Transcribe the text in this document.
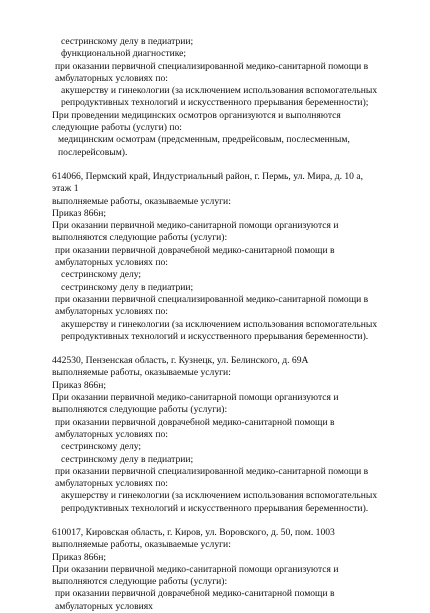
сестринскому делу в педиатрии;
функциональной диагностике;
при оказании первичной специализированной медико-санитарной помощи в амбулаторных условиях по:
акушерству и гинекологии (за исключением использования вспомогательных репродуктивных технологий и искусственного прерывания беременности);
При проведении медицинских осмотров организуются и выполняются следующие работы (услуги) по:
медицинским осмотрам (предсменным, предрейсовым, послесменным, послерейсовым).
614066, Пермский край, Индустриальный район, г. Пермь, ул. Мира, д. 10 а, этаж 1
выполняемые работы, оказываемые услуги:
Приказ 866н;
При оказании первичной медико-санитарной помощи организуются и выполняются следующие работы (услуги):
при оказании первичной доврачебной медико-санитарной помощи в амбулаторных условиях по:
сестринскому делу;
сестринскому делу в педиатрии;
при оказании первичной специализированной медико-санитарной помощи в амбулаторных условиях по:
акушерству и гинекологии (за исключением использования вспомогательных репродуктивных технологий и искусственного прерывания беременности).
442530, Пензенская область, г. Кузнецк, ул. Белинского, д. 69А
выполняемые работы, оказываемые услуги:
Приказ 866н;
При оказании первичной медико-санитарной помощи организуются и выполняются следующие работы (услуги):
при оказании первичной доврачебной медико-санитарной помощи в амбулаторных условиях по:
сестринскому делу;
сестринскому делу в педиатрии;
при оказании первичной специализированной медико-санитарной помощи в амбулаторных условиях по:
акушерству и гинекологии (за исключением использования вспомогательных репродуктивных технологий и искусственного прерывания беременности).
610017, Кировская область, г. Киров, ул. Воровского, д. 50, пом. 1003
выполняемые работы, оказываемые услуги:
Приказ 866н;
При оказании первичной медико-санитарной помощи организуются и выполняются следующие работы (услуги):
при оказании первичной доврачебной медико-санитарной помощи в амбулаторных условиях
